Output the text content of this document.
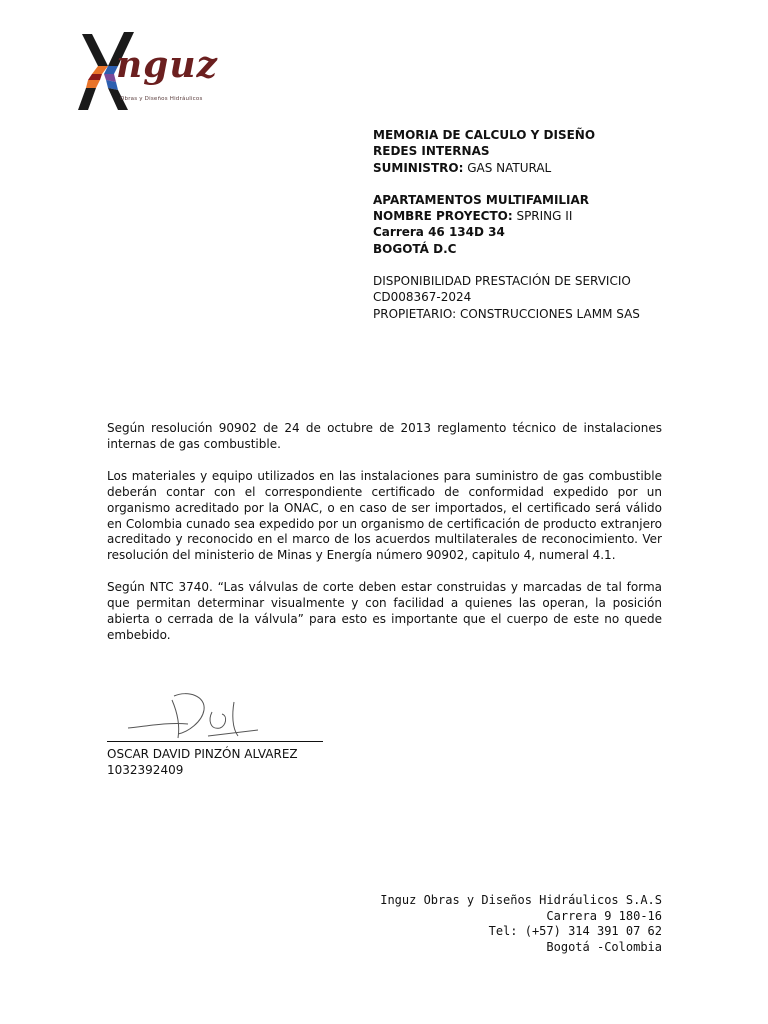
nguz
Obras y Diseños Hidráulicos
MEMORIA DE CALCULO Y DISEÑO
REDES INTERNAS
SUMINISTRO: GAS NATURAL
APARTAMENTOS MULTIFAMILIAR
NOMBRE PROYECTO: SPRING II
Carrera 46 134D 34
BOGOTÁ D.C
DISPONIBILIDAD PRESTACIÓN DE SERVICIO
CD008367-2024
PROPIETARIO: CONSTRUCCIONES LAMM SAS

Según resolución 90902 de 24 de octubre de 2013 reglamento técnico de instalaciones internas de gas combustible.

Los materiales y equipo utilizados en las instalaciones para suministro de gas combustible deberán contar con el correspondiente certificado de conformidad expedido por un organismo acreditado por la ONAC, o en caso de ser importados, el certificado será válido en Colombia cunado sea expedido por un organismo de certificación de producto extranjero acreditado y reconocido en el marco de los acuerdos multilaterales de reconocimiento. Ver resolución del ministerio de Minas y Energía número 90902, capitulo 4, numeral 4.1.

Según NTC 3740. “Las válvulas de corte deben estar construidas y marcadas de tal forma que permitan determinar visualmente y con facilidad a quienes las operan, la posición abierta o cerrada de la válvula” para esto es importante que el cuerpo de este no quede embebido.

OSCAR DAVID PINZÓN ALVAREZ
1032392409
Inguz Obras y Diseños Hidráulicos S.A.S
Carrera 9 180-16
Tel: (+57) 314 391 07 62
Bogotá -Colombia
